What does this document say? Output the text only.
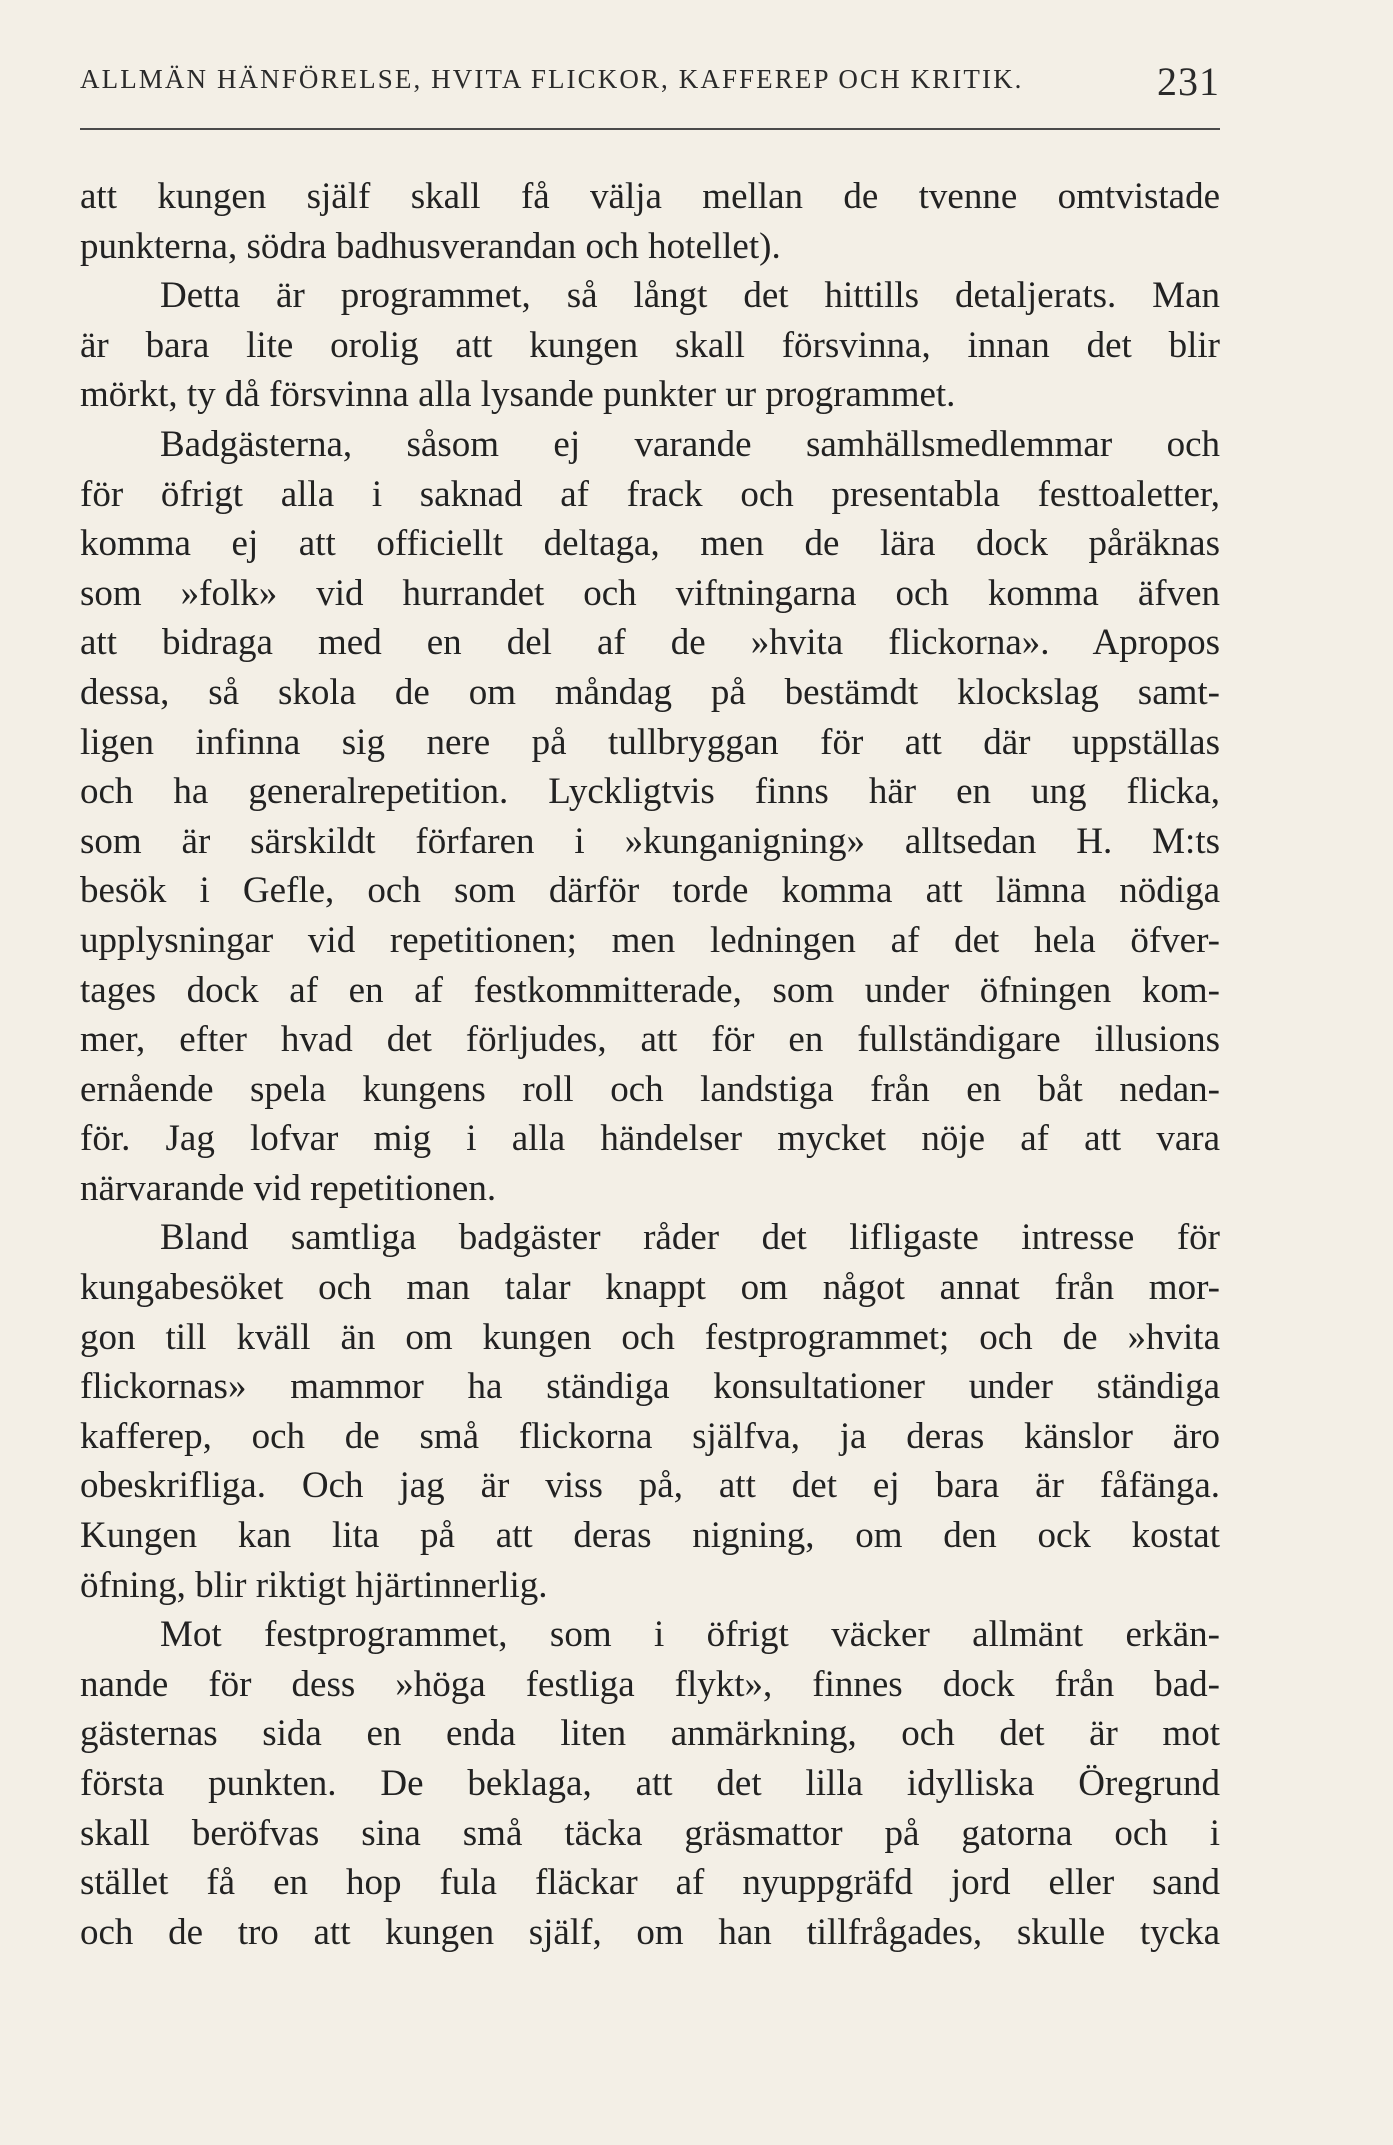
ALLMÄN HÄNFÖRELSE, HVITA FLICKOR, KAFFEREP OCH KRITIK.	231
att kungen själf skall få välja mellan de tvenne omtvistade
punkterna, södra badhusverandan och hotellet).
Detta är programmet, så långt det hittills detaljerats. Man
är bara lite orolig att kungen skall försvinna, innan det blir
mörkt, ty då försvinna alla lysande punkter ur programmet.
Badgästerna, såsom ej varande samhällsmedlemmar och
för öfrigt alla i saknad af frack och presentabla festtoaletter,
komma ej att officiellt deltaga, men de lära dock påräknas
som »folk» vid hurrandet och viftningarna och komma äfven
att bidraga med en del af de »hvita flickorna». Apropos
dessa, så skola de om måndag på bestämdt klockslag samt-
ligen infinna sig nere på tullbryggan för att där uppställas
och ha generalrepetition. Lyckligtvis finns här en ung flicka,
som är särskildt förfaren i »kunganigning» alltsedan H. M:ts
besök i Gefle, och som därför torde komma att lämna nödiga
upplysningar vid repetitionen; men ledningen af det hela öfver-
tages dock af en af festkommitterade, som under öfningen kom-
mer, efter hvad det förljudes, att för en fullständigare illusions
ernående spela kungens roll och landstiga från en båt nedan-
för. Jag lofvar mig i alla händelser mycket nöje af att vara
närvarande vid repetitionen.
Bland samtliga badgäster råder det lifligaste intresse för
kungabesöket och man talar knappt om något annat från mor-
gon till kväll än om kungen och festprogrammet; och de »hvita
flickornas» mammor ha ständiga konsultationer under ständiga
kafferep, och de små flickorna själfva, ja deras känslor äro
obeskrifliga. Och jag är viss på, att det ej bara är fåfänga.
Kungen kan lita på att deras nigning, om den ock kostat
öfning, blir riktigt hjärtinnerlig.
Mot festprogrammet, som i öfrigt väcker allmänt erkän-
nande för dess »höga festliga flykt», finnes dock från bad-
gästernas sida en enda liten anmärkning, och det är mot
första punkten. De beklaga, att det lilla idylliska Öregrund
skall beröfvas sina små täcka gräsmattor på gatorna och i
stället få en hop fula fläckar af nyuppgräfd jord eller sand
och de tro att kungen själf, om han tillfrågades, skulle tycka
